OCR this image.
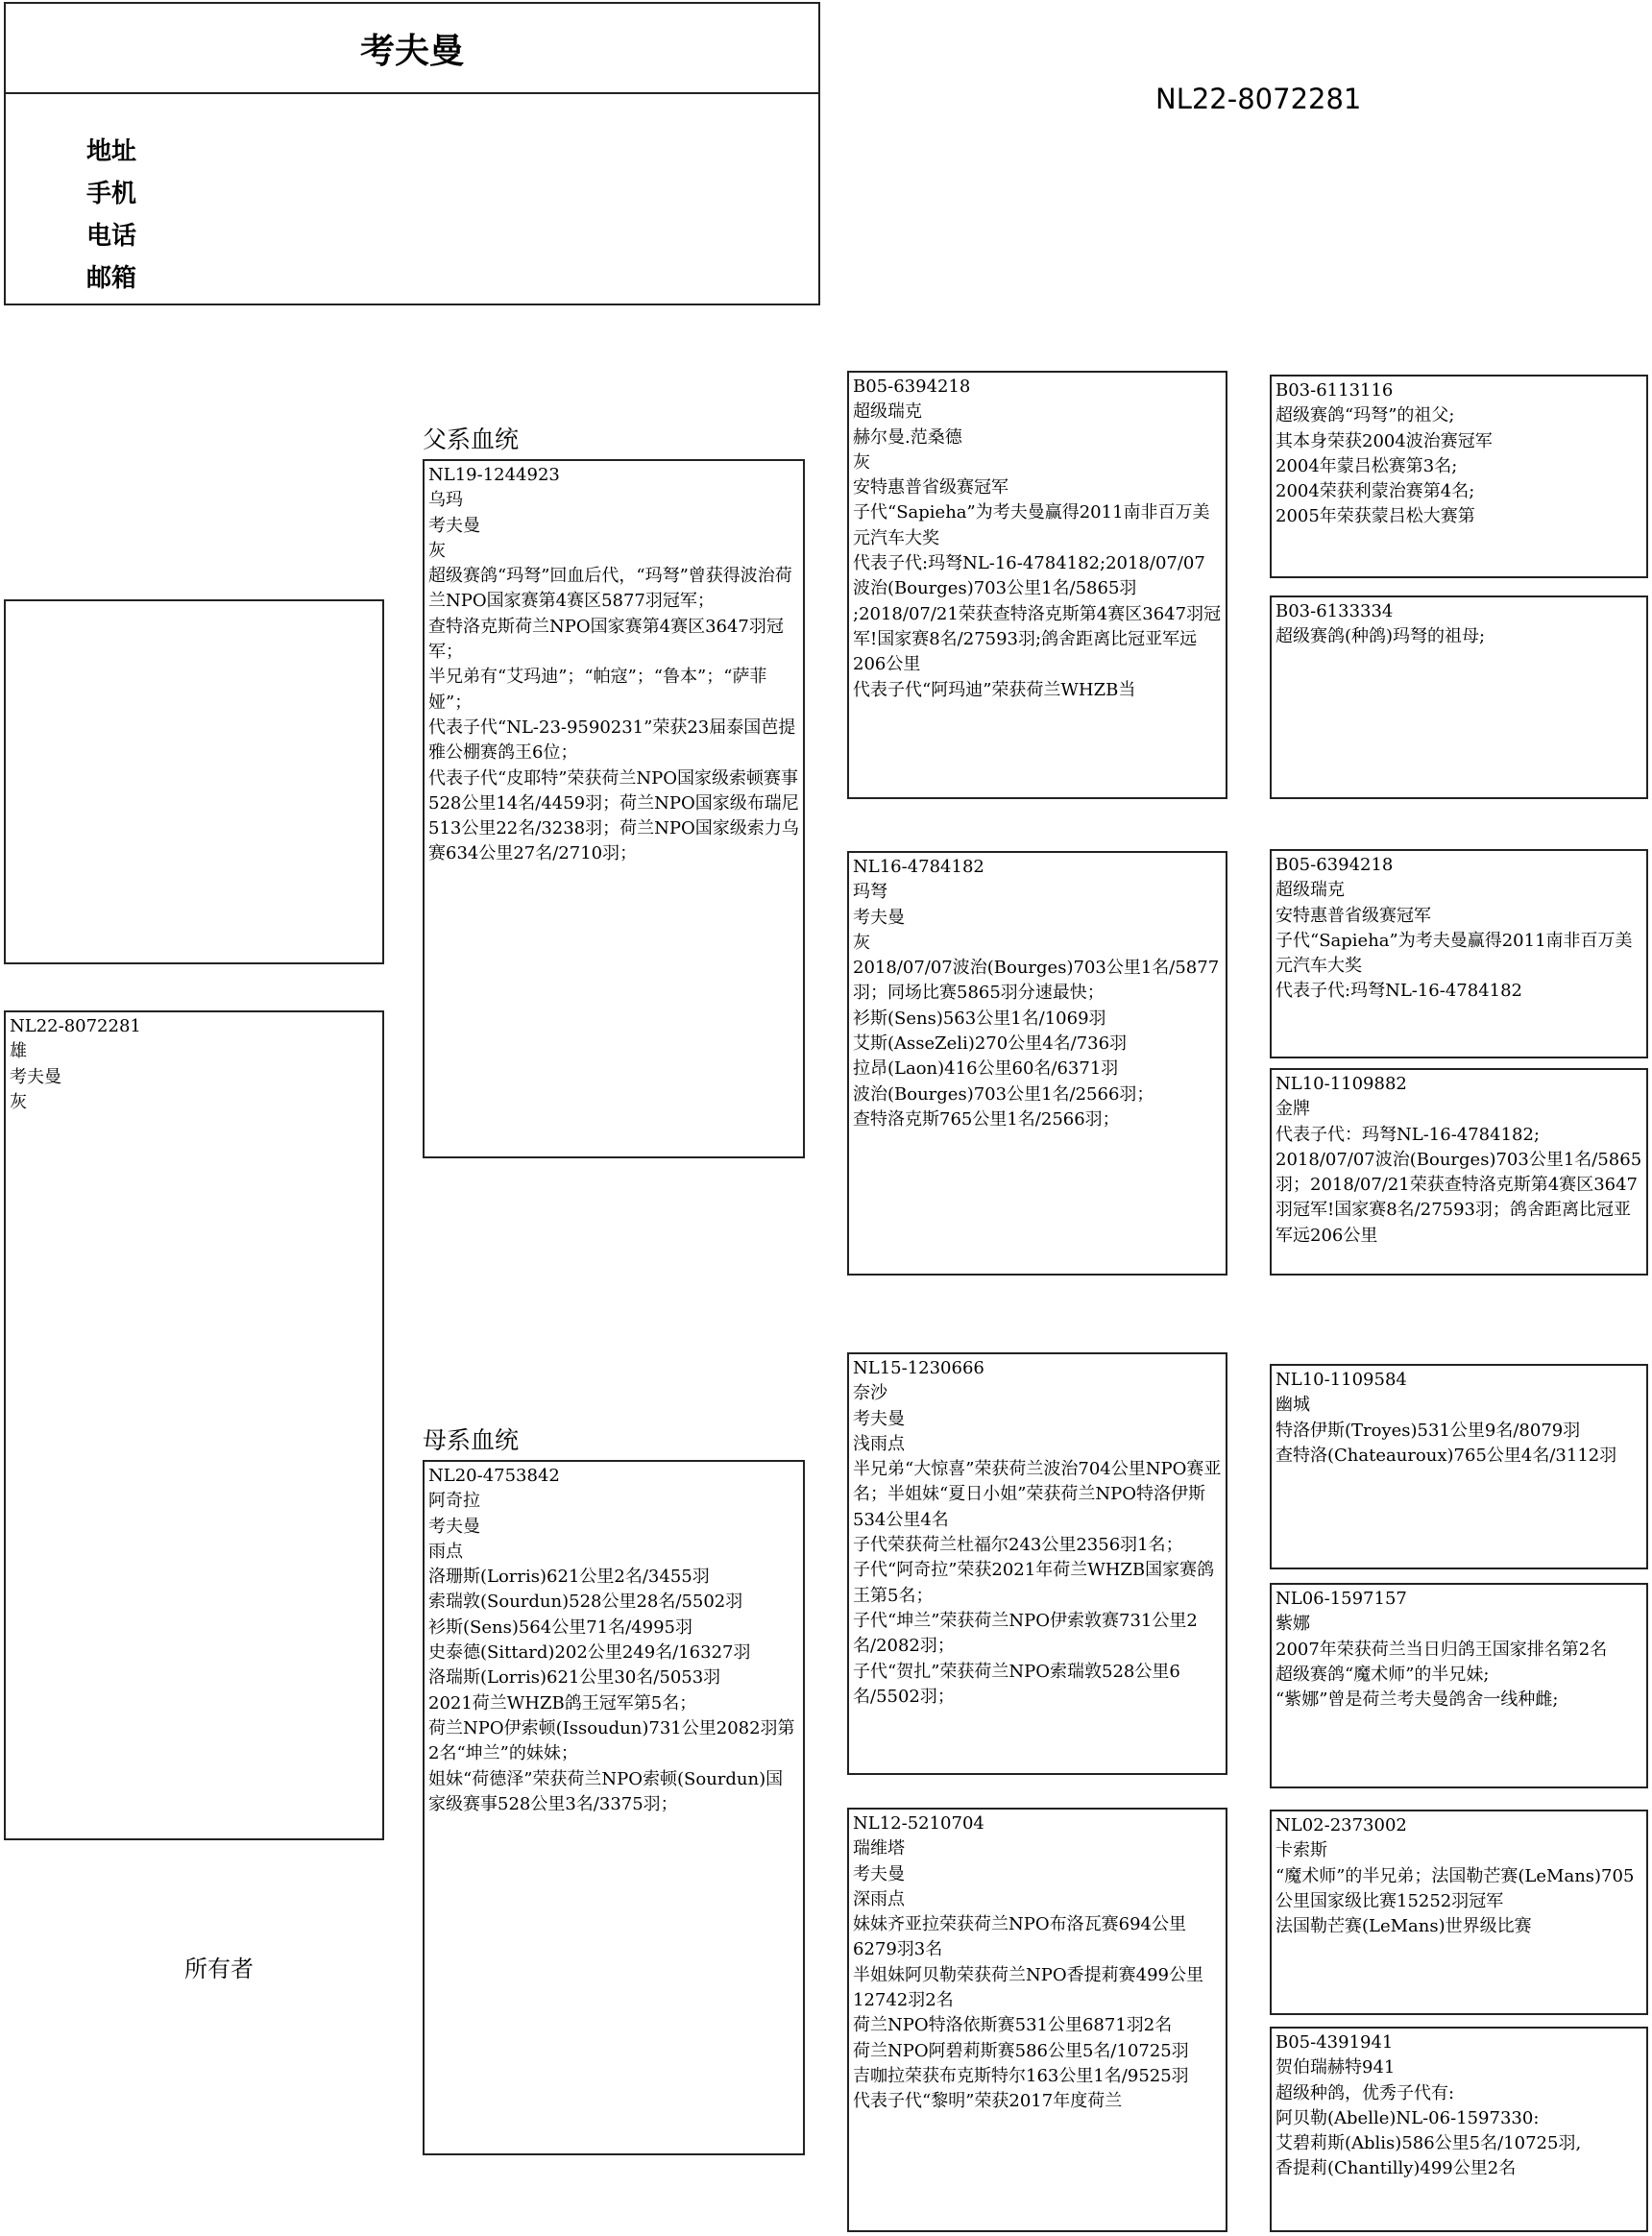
考夫曼
地址
手机
电话
邮箱
NL22-8072281
NL22-8072281
雄
考夫曼
灰
所有者
父系血统
母系血统
NL19-1244923
乌玛
考夫曼
灰
超级赛鸽“玛弩”回血后代，“玛弩”曾获得波治荷兰NPO国家赛第4赛区5877羽冠军；
查特洛克斯荷兰NPO国家赛第4赛区3647羽冠军；
半兄弟有“艾玛迪”；“帕寇”；“鲁本”；“萨菲娅”；
代表子代“NL-23-9590231”荣获23届泰国芭提雅公棚赛鸽王6位；
代表子代“皮耶特”荣获荷兰NPO国家级索顿赛事528公里14名/4459羽；荷兰NPO国家级布瑞尼513公里22名/3238羽；荷兰NPO国家级索力乌赛634公里27名/2710羽；
NL20-4753842
阿奇拉
考夫曼
雨点
洛珊斯(Lorris)621公里2名/3455羽
索瑞敦(Sourdun)528公里28名/5502羽
衫斯(Sens)564公里71名/4995羽
史泰德(Sittard)202公里249名/16327羽
洛瑞斯(Lorris)621公里30名/5053羽
2021荷兰WHZB鸽王冠军第5名；
荷兰NPO伊索顿(Issoudun)731公里2082羽第2名“坤兰”的妹妹；
姐妹“荷德泽”荣获荷兰NPO索顿(Sourdun)国家级赛事528公里3名/3375羽；
B05-6394218
超级瑞克
赫尔曼.范桑德
灰
安特惠普省级赛冠军
子代“Sapieha”为考夫曼赢得2011南非百万美元汽车大奖
代表子代:玛弩NL-16-4784182;2018/07/07波治(Bourges)703公里1名/5865羽
;2018/07/21荣获查特洛克斯第4赛区3647羽冠军!国家赛8名/27593羽;鸽舍距离比冠亚军远206公里
代表子代“阿玛迪”荣获荷兰WHZB当
NL16-4784182
玛弩
考夫曼
灰
2018/07/07波治(Bourges)703公里1名/5877羽；同场比赛5865羽分速最快；
衫斯(Sens)563公里1名/1069羽
艾斯(AsseZeli)270公里4名/736羽
拉昂(Laon)416公里60名/6371羽
波治(Bourges)703公里1名/2566羽；
查特洛克斯765公里1名/2566羽；
NL15-1230666
奈沙
考夫曼
浅雨点
半兄弟“大惊喜”荣获荷兰波治704公里NPO赛亚名；半姐妹“夏日小姐”荣获荷兰NPO特洛伊斯534公里4名
子代荣获荷兰杜福尔243公里2356羽1名；
子代“阿奇拉”荣获2021年荷兰WHZB国家赛鸽王第5名；
子代“坤兰”荣获荷兰NPO伊索敦赛731公里2名/2082羽；
子代“贺扎”荣获荷兰NPO索瑞敦528公里6名/5502羽；
NL12-5210704
瑞维塔
考夫曼
深雨点
妹妹齐亚拉荣获荷兰NPO布洛瓦赛694公里6279羽3名
半姐妹阿贝勒荣获荷兰NPO香提莉赛499公里12742羽2名
荷兰NPO特洛依斯赛531公里6871羽2名
荷兰NPO阿碧莉斯赛586公里5名/10725羽
吉咖拉荣获布克斯特尔163公里1名/9525羽
代表子代“黎明”荣获2017年度荷兰
B03-6113116
超级赛鸽“玛弩”的祖父;
其本身荣获2004波治赛冠军
2004年蒙吕松赛第3名;
2004荣获利蒙治赛第4名;
2005年荣获蒙吕松大赛第
B03-6133334
超级赛鸽(种鸽)玛弩的祖母;
B05-6394218
超级瑞克
安特惠普省级赛冠军
子代“Sapieha”为考夫曼赢得2011南非百万美元汽车大奖
代表子代:玛弩NL-16-4784182
NL10-1109882
金牌
代表子代：玛弩NL-16-4784182;
2018/07/07波治(Bourges)703公里1名/5865羽；2018/07/21荣获查特洛克斯第4赛区3647羽冠军!国家赛8名/27593羽；鸽舍距离比冠亚军远206公里
NL10-1109584
幽城
特洛伊斯(Troyes)531公里9名/8079羽
查特洛(Chateauroux)765公里4名/3112羽
NL06-1597157
紫娜
2007年荣获荷兰当日归鸽王国家排名第2名
超级赛鸽“魔术师”的半兄妹;
“紫娜”曾是荷兰考夫曼鸽舍一线种雌;
NL02-2373002
卡索斯
“魔术师”的半兄弟；法国勒芒赛(LeMans)705公里国家级比赛15252羽冠军
法国勒芒赛(LeMans)世界级比赛
B05-4391941
贺伯瑞赫特941
超级种鸽，优秀子代有:
阿贝勒(Abelle)NL-06-1597330:
艾碧莉斯(Ablis)586公里5名/10725羽,
香提莉(Chantilly)499公里2名
